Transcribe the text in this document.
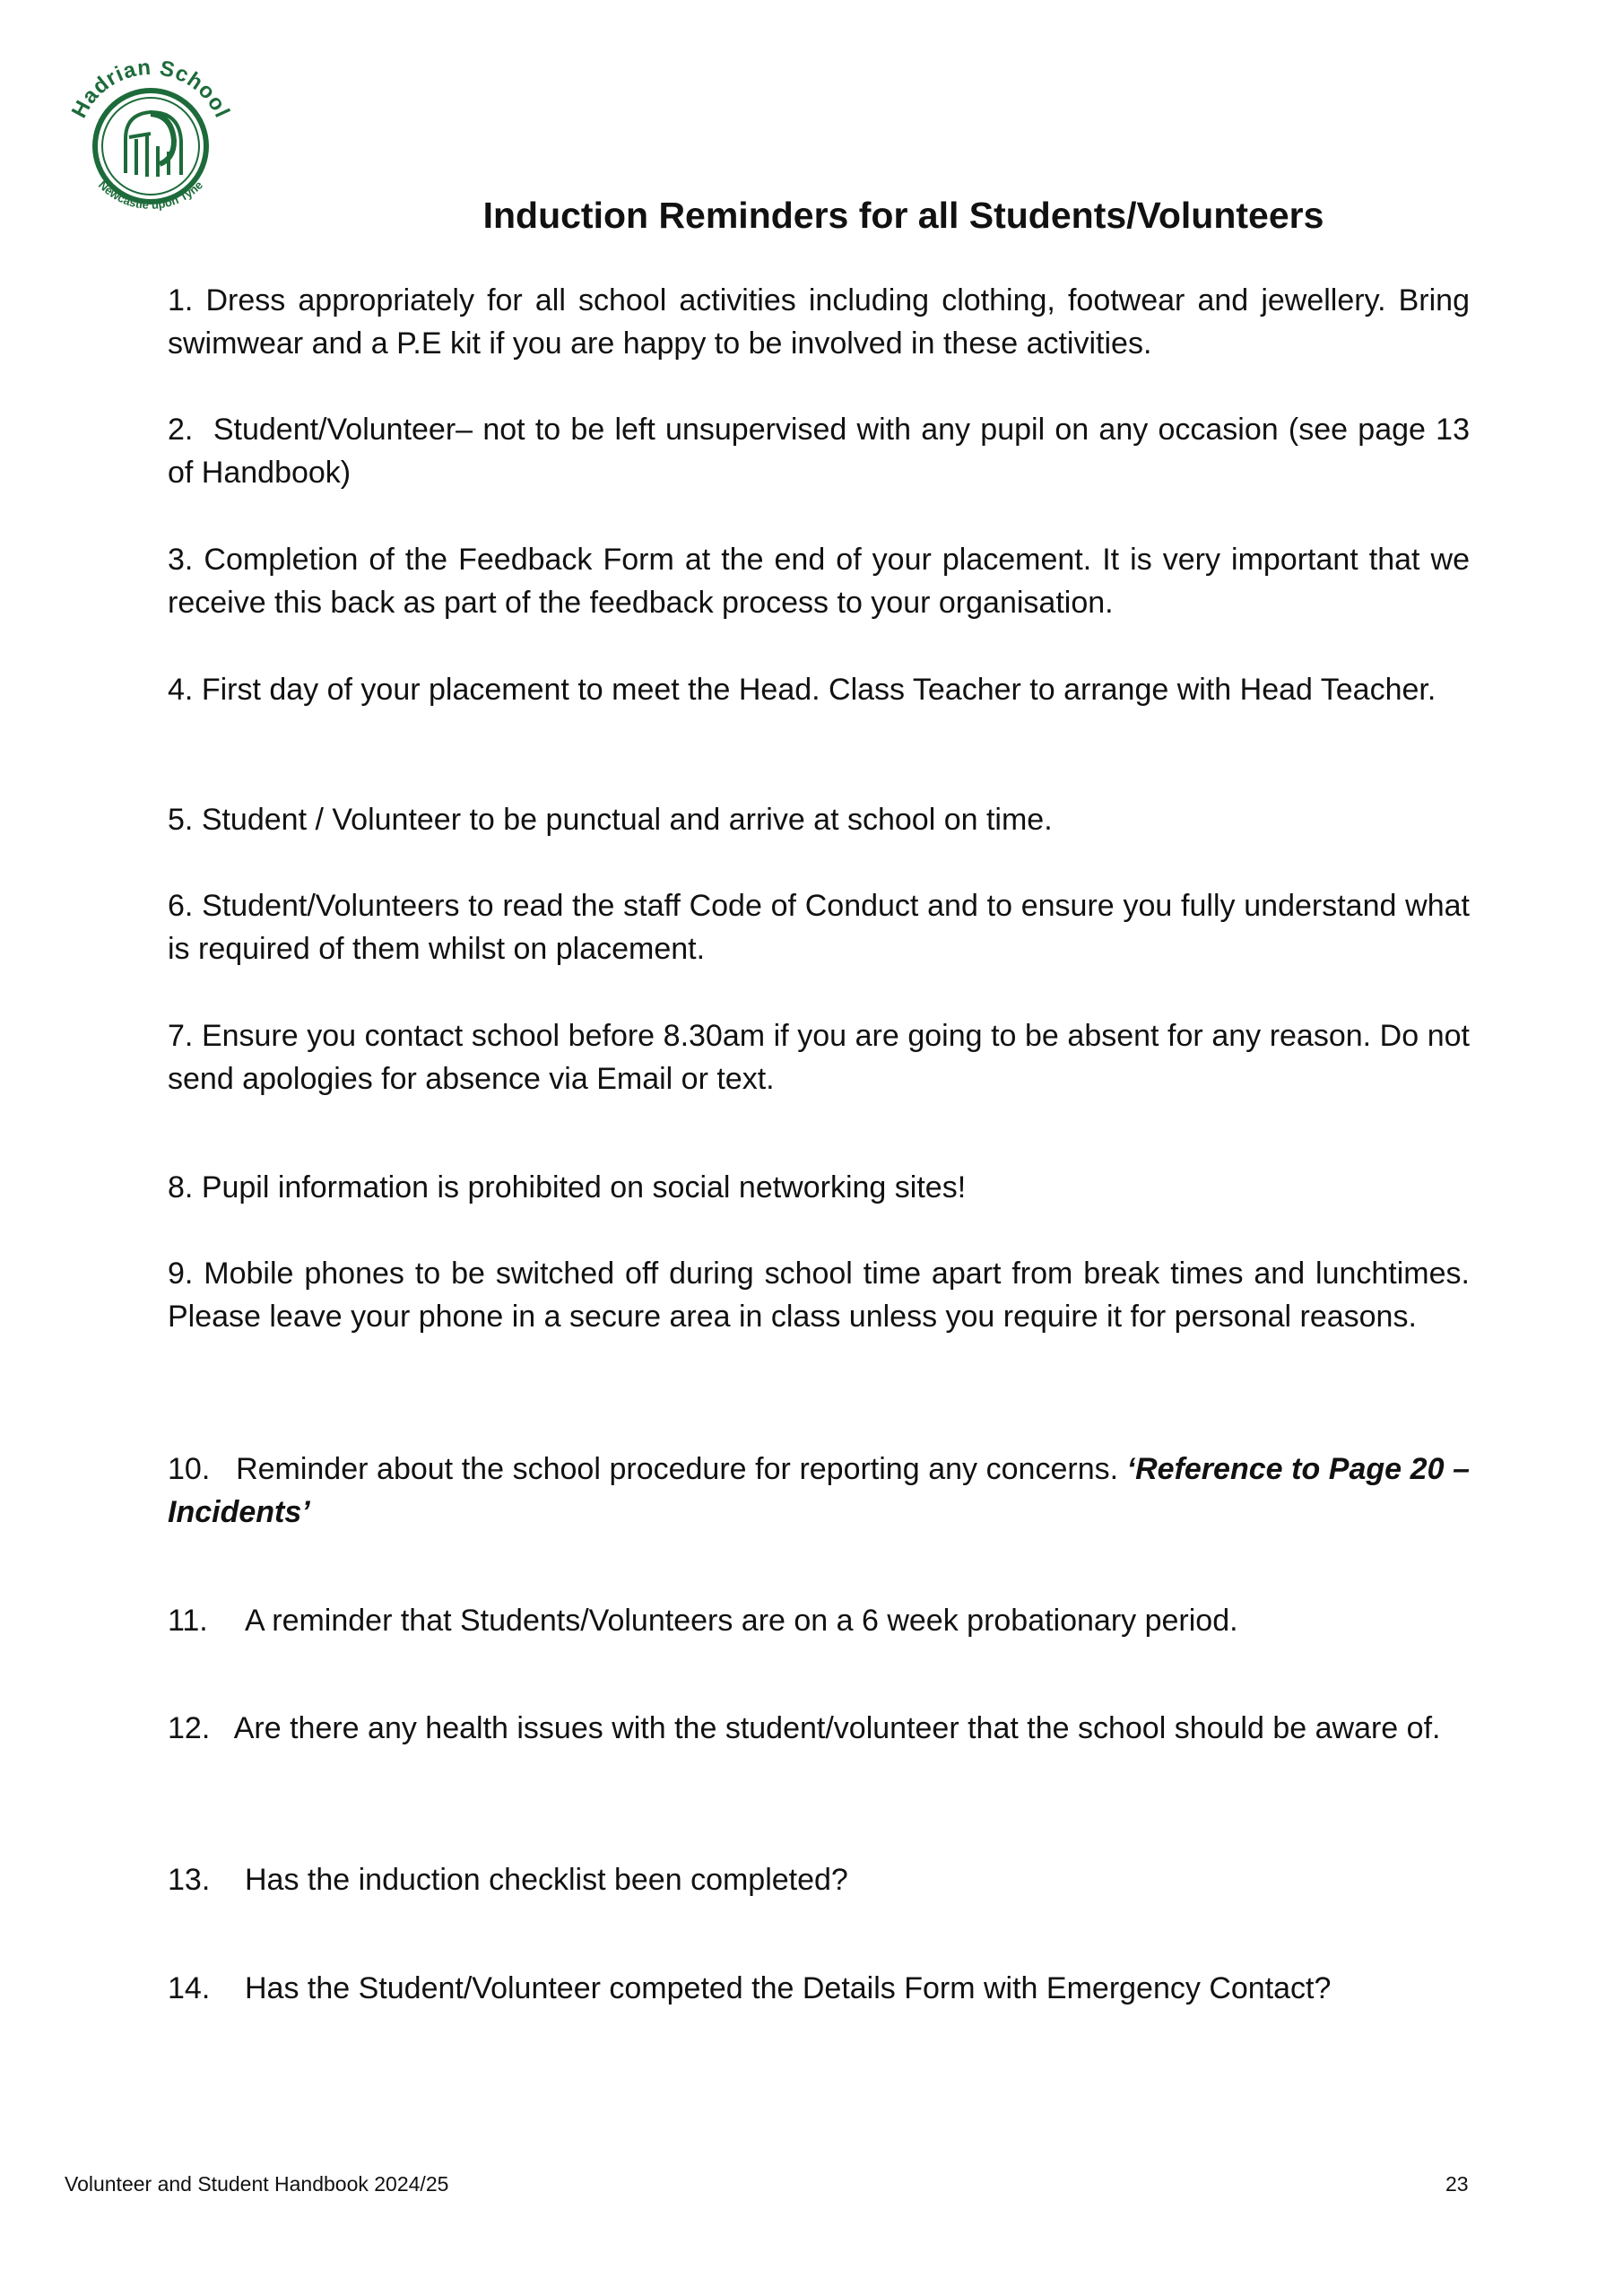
Hadrian School
Newcastle upon Tyne
Induction Reminders for all Students/Volunteers
1. Dress appropriately for all school activities including clothing, footwear and jewellery. Bring swimwear and a P.E kit if you are happy to be involved in these activities.
2. Student/Volunteer– not to be left unsupervised with any pupil on any occasion (see page 13 of Handbook)
3. Completion of the Feedback Form at the end of your placement. It is very important that we receive this back as part of the feedback process to your organisation.
4. First day of your placement to meet the Head. Class Teacher to arrange with Head Teacher.
5. Student / Volunteer to be punctual and arrive at school on time.
6. Student/Volunteers to read the staff Code of Conduct and to ensure you fully understand what is required of them whilst on placement.
7. Ensure you contact school before 8.30am if you are going to be absent for any reason. Do not send apologies for absence via Email or text.
8. Pupil information is prohibited on social networking sites!
9. Mobile phones to be switched off during school time apart from break times and lunchtimes. Please leave your phone in a secure area in class unless you require it for personal reasons.
10. Reminder about the school procedure for reporting any concerns. ‘Reference to Page 20 – Incidents’
11. A reminder that Students/Volunteers are on a 6 week probationary period.
12. Are there any health issues with the student/volunteer that the school should be aware of.
13. Has the induction checklist been completed?
14. Has the Student/Volunteer competed the Details Form with Emergency Contact?
Volunteer and Student Handbook 2024/25	23
